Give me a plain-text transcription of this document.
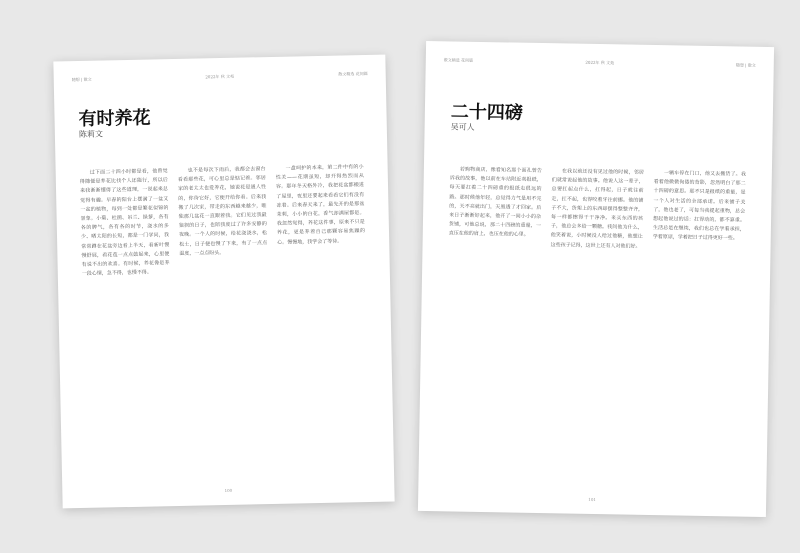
随想 | 散文
2022年 秋 文苑	散文精选 花间篇
有时养花
陈莉文

过下面二十四小时都是看，他曾觉得随便是养花比找个人还能行，所以后来我渐渐懂得了这些道理，一说起来总觉得有趣。早春的阳台上摆满了一盆又一盆的植物，每到一处都是繁花似锦的景象。小菊、杜鹃、吊兰、绿萝，各有各的脾气，各有各的时节，浇水的多少、晒太阳的长短，都是一门学问，我常常蹲在花盆旁边看上半天，看新叶慢慢舒展，看花苞一点点鼓起来，心里便有说不出的欢喜。有时候，养花像是养一段心情，急不得，也慢不得。

也不是每次下雨后，我都会去窗台看看那些花，可心里总是惦记着。邻居家的老太太也爱养花，她说花是通人性的，你待它好，它便开给你看。后来我搬了几次家，带走的东西越来越少，唯独那几盆花一直跟着我。它们见过我最狼狈的日子，也陪我度过了许多安静的夜晚。一个人的时候，给花浇浇水，松松土，日子便也慢了下来，有了一点点温度，一点点盼头。

一盘呵护的本来，第二件中有的小性关——花期虽短，却开得热烈而从容。那年冬天格外冷，我把花盆都搬进了屋里，夜里还要起来看看它们有没有冻着。后来春天来了，最先开的是那盆茉莉，小小的白花，香气却满屋都是。我忽然觉得，养花这件事，原来不只是养花，更是养着自己那颗容易焦躁的心。慢慢地，我学会了等待。

100
散文精选 花间篇	2022年 秋 文苑	随想 | 散文
二十四磅
吴可人

若购物商店，像看知名那个面孔曾告诉我的故事，他以前在车站附近卖报纸，每天要扛着二十四磅重的报纸走很远的路。那时候他年轻，总觉得力气是用不完的，天不亮就出门，天黑透了才回家。后来日子渐渐好起来，他开了一间小小的杂货铺，可他总说，那二十四磅的重量，一直压在他的肩上，也压在他的心里。

在我以前还没有见过他的时候，邻居们就常说起他的故事。他说人这一辈子，总要扛起点什么，扛得起，日子就往前走，扛不起，也得咬着牙往前挪。他的铺子不大，货架上的东西却摆得整整齐齐，每一样都擦得干干净净。来买东西的孩子，他总会多给一颗糖。我问他为什么，他笑着说，小时候没人给过他糖，他想让这些孩子记得，这世上还有人对他们好。

一辆车停在门口，他又去搬货了。我看着他微微佝偻的背影，忽然明白了那二十四磅的意思。那不只是报纸的重量，是一个人对生活的全部承诺。后来铺子关了，他也老了，可每当我提起重物，总会想起他说过的话：扛得动的，都不算重。生活总是在继续，我们也总在学着承担，学着原谅，学着把日子过得更好一些。

101
